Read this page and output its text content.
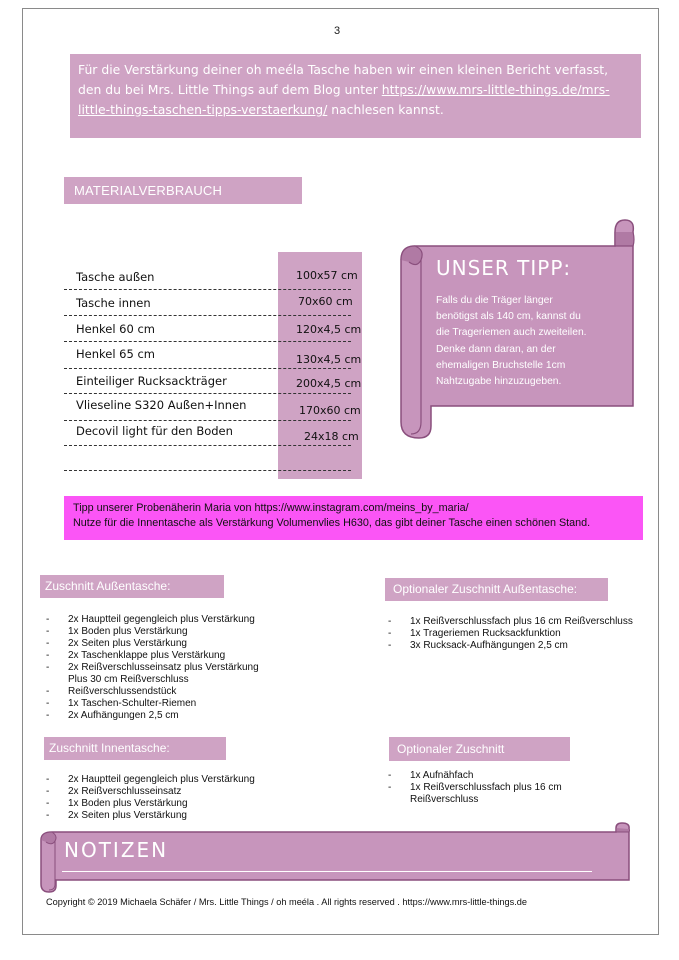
3
Für die Verstärkung deiner oh meéla Tasche haben wir einen kleinen Bericht verfasst, den du bei Mrs. Little Things auf dem Blog unter https://www.mrs-little-things.de/mrs-little-things-taschen-tipps-verstaerkung/ nachlesen kannst.
MATERIALVERBRAUCH
Tasche außen	100x57 cm
Tasche innen	70x60 cm
Henkel 60 cm	120x4,5 cm
Henkel 65 cm	130x4,5 cm
Einteiliger Rucksackträger	200x4,5 cm
Vlieseline S320 Außen+Innen	170x60 cm
Decovil light für den Boden	24x18 cm
UNSER TIPP:
Falls du die Träger länger
benötigst als 140 cm, kannst du
die Trageriemen auch zweiteilen.
Denke dann daran, an der
ehemaligen Bruchstelle 1cm
Nahtzugabe hinzuzugeben.
Tipp unserer Probenäherin Maria von https://www.instagram.com/meins_by_maria/
Nutze für die Innentasche als Verstärkung Volumenvlies H630, das gibt deiner Tasche einen schönen Stand.
Zuschnitt Außentasche:
- 2x Hauptteil gegengleich plus Verstärkung
- 1x Boden plus Verstärkung
- 2x Seiten plus Verstärkung
- 2x Taschenklappe plus Verstärkung
- 2x Reißverschlusseinsatz plus Verstärkung
Plus 30 cm Reißverschluss
- Reißverschlussendstück
- 1x Taschen-Schulter-Riemen
- 2x Aufhängungen 2,5 cm
Optionaler Zuschnitt Außentasche:
- 1x Reißverschlussfach plus 16 cm Reißverschluss
- 1x Trageriemen Rucksackfunktion
- 3x Rucksack-Aufhängungen 2,5 cm
Zuschnitt Innentasche:
- 2x Hauptteil gegengleich plus Verstärkung
- 2x Reißverschlusseinsatz
- 1x Boden plus Verstärkung
- 2x Seiten plus Verstärkung
Optionaler Zuschnitt
- 1x Aufnähfach
- 1x Reißverschlussfach plus 16 cm
Reißverschluss
NOTIZEN
Copyright © 2019 Michaela Schäfer / Mrs. Little Things / oh meéla . All rights reserved . https://www.mrs-little-things.de
